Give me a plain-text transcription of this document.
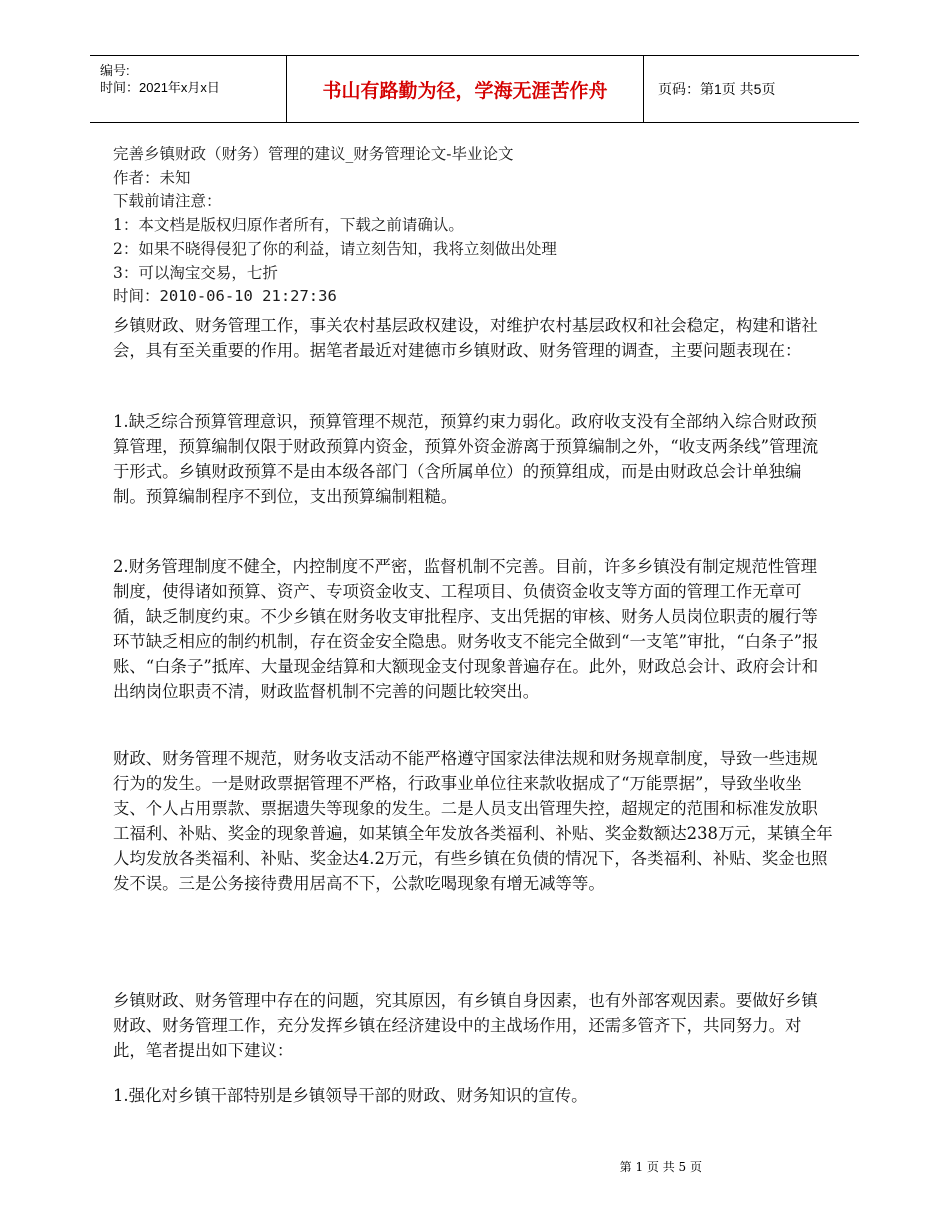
编号:
时间：2021年x月x日	书山有路勤为径，学海无涯苦作舟	页码：第1页 共5页
完善乡镇财政（财务）管理的建议_财务管理论文-毕业论文
作者：未知
下载前请注意：
1：本文档是版权归原作者所有，下载之前请确认。
2：如果不晓得侵犯了你的利益，请立刻告知，我将立刻做出处理
3：可以淘宝交易，七折
时间：2010-06-10 21:27:36

乡镇财政、财务管理工作，事关农村基层政权建设，对维护农村基层政权和社会稳定，构建和谐社会，具有至关重要的作用。据笔者最近对建德市乡镇财政、财务管理的调查，主要问题表现在：

1.缺乏综合预算管理意识，预算管理不规范，预算约束力弱化。政府收支没有全部纳入综合财政预算管理，预算编制仅限于财政预算内资金，预算外资金游离于预算编制之外，“收支两条线”管理流于形式。乡镇财政预算不是由本级各部门（含所属单位）的预算组成，而是由财政总会计单独编制。预算编制程序不到位，支出预算编制粗糙。

2.财务管理制度不健全，内控制度不严密，监督机制不完善。目前，许多乡镇没有制定规范性管理制度，使得诸如预算、资产、专项资金收支、工程项目、负债资金收支等方面的管理工作无章可循，缺乏制度约束。不少乡镇在财务收支审批程序、支出凭据的审核、财务人员岗位职责的履行等环节缺乏相应的制约机制，存在资金安全隐患。财务收支不能完全做到“一支笔”审批，“白条子”报账、“白条子”抵库、大量现金结算和大额现金支付现象普遍存在。此外，财政总会计、政府会计和出纳岗位职责不清，财政监督机制不完善的问题比较突出。

财政、财务管理不规范，财务收支活动不能严格遵守国家法律法规和财务规章制度，导致一些违规行为的发生。一是财政票据管理不严格，行政事业单位往来款收据成了“万能票据”，导致坐收坐支、个人占用票款、票据遗失等现象的发生。二是人员支出管理失控，超规定的范围和标准发放职工福利、补贴、奖金的现象普遍，如某镇全年发放各类福利、补贴、奖金数额达238万元，某镇全年人均发放各类福利、补贴、奖金达4.2万元，有些乡镇在负债的情况下，各类福利、补贴、奖金也照发不误。三是公务接待费用居高不下，公款吃喝现象有增无减等等。

乡镇财政、财务管理中存在的问题，究其原因，有乡镇自身因素，也有外部客观因素。要做好乡镇财政、财务管理工作，充分发挥乡镇在经济建设中的主战场作用，还需多管齐下，共同努力。对此，笔者提出如下建议：

1.强化对乡镇干部特别是乡镇领导干部的财政、财务知识的宣传。

第 1 页 共 5 页
